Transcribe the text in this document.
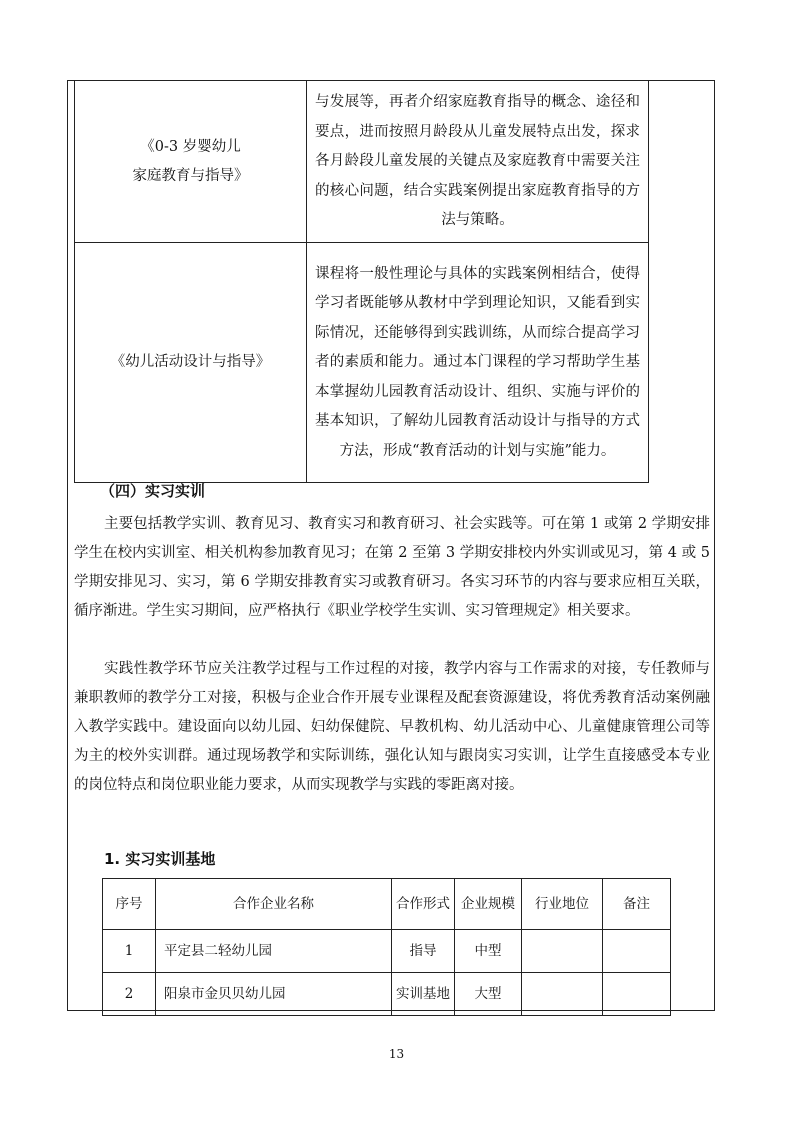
《0-3 岁婴幼儿
家庭教育与指导》	与发展等，再者介绍家庭教育指导的概念、途径和要点，进而按照月龄段从儿童发展特点出发，探求各月龄段儿童发展的关键点及家庭教育中需要关注的核心问题，结合实践案例提出家庭教育指导的方法与策略。

《幼儿活动设计与指导》	课程将一般性理论与具体的实践案例相结合，使得学习者既能够从教材中学到理论知识，又能看到实际情况，还能够得到实践训练，从而综合提高学习者的素质和能力。通过本门课程的学习帮助学生基本掌握幼儿园教育活动设计、组织、实施与评价的基本知识，了解幼儿园教育活动设计与指导的方式方法，形成“教育活动的计划与实施”能力。
（四）实习实训

主要包括教学实训、教育见习、教育实习和教育研习、社会实践等。可在第 1 或第 2 学期安排学生在校内实训室、相关机构参加教育见习；在第 2 至第 3 学期安排校内外实训或见习，第 4 或 5 学期安排见习、实习，第 6 学期安排教育实习或教育研习。各实习环节的内容与要求应相互关联，循序渐进。学生实习期间，应严格执行《职业学校学生实训、实习管理规定》相关要求。

实践性教学环节应关注教学过程与工作过程的对接，教学内容与工作需求的对接，专任教师与兼职教师的教学分工对接，积极与企业合作开展专业课程及配套资源建设，将优秀教育活动案例融入教学实践中。建设面向以幼儿园、妇幼保健院、早教机构、幼儿活动中心、儿童健康管理公司等为主的校外实训群。通过现场教学和实际训练，强化认知与跟岗实习实训，让学生直接感受本专业的岗位特点和岗位职业能力要求，从而实现教学与实践的零距离对接。

1. 实习实训基地
序号	合作企业名称	合作形式	企业规模	行业地位	备注
1	平定县二轻幼儿园	指导	中型		
2	阳泉市金贝贝幼儿园	实训基地	大型		
13
